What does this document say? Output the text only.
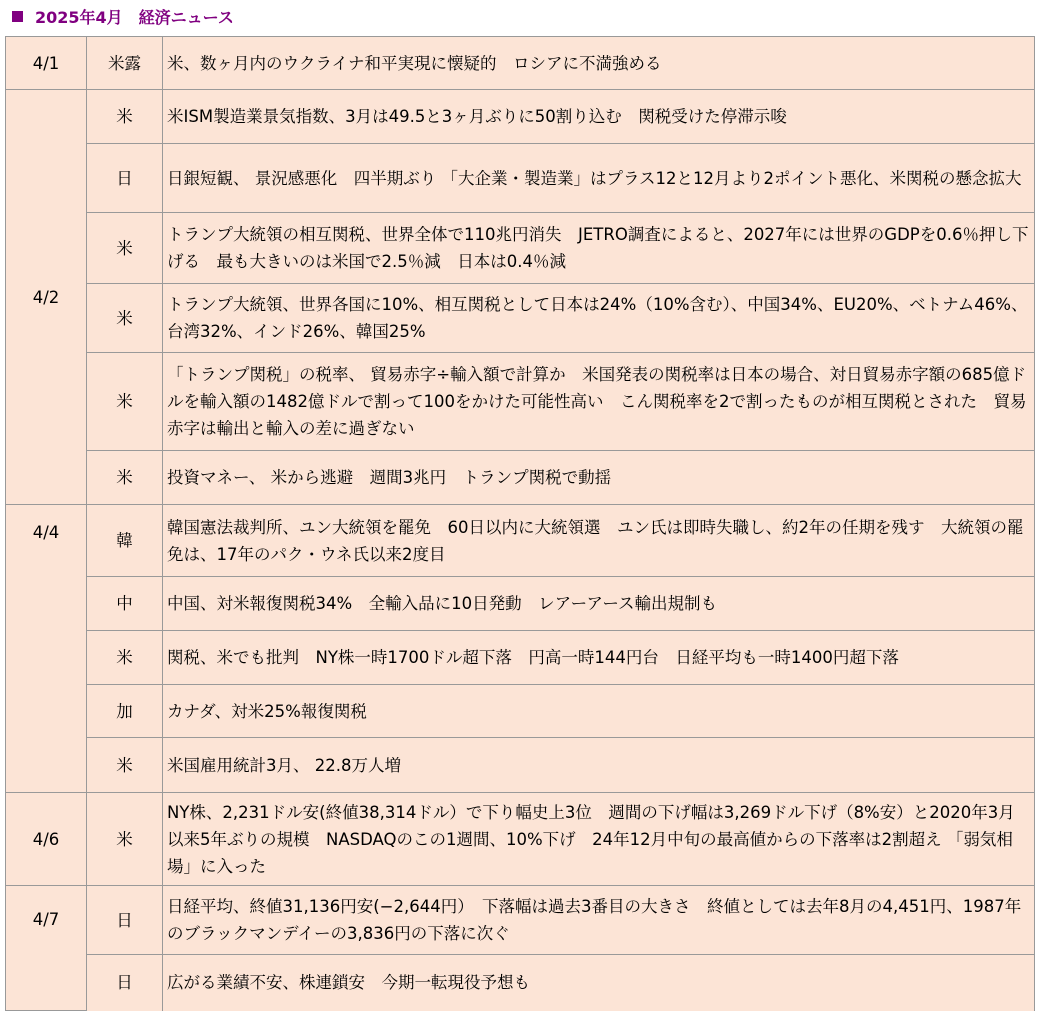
2025年4月　経済ニュース
4/1	米露	米、数ヶ月内のウクライナ和平実現に懐疑的　ロシアに不満強める
4/2	米	米ISM製造業景気指数、3月は49.5と3ヶ月ぶりに50割り込む　関税受けた停滞示唆
	日	日銀短観、 景況感悪化　四半期ぶり 「大企業・製造業」はプラス12と12月より2ポイント悪化、米関税の懸念拡大
	米	トランプ大統領の相互関税、世界全体で110兆円消失　JETRO調査によると、2027年には世界のGDPを0.6％押し下げる　最も大きいのは米国で2.5％減　日本は0.4％減
	米	トランプ大統領、世界各国に10%、相互関税として日本は24%（10%含む）、中国34%、EU20%、ベトナム46%、台湾32%、インド26%、韓国25%
	米	「トランプ関税」の税率、 貿易赤字÷輸入額で計算か　米国発表の関税率は日本の場合、対日貿易赤字額の685億ドルを輸入額の1482億ドルで割って100をかけた可能性高い　こん関税率を2で割ったものが相互関税とされた　貿易赤字は輸出と輸入の差に過ぎない
	米	投資マネー、 米から逃避　週間3兆円　トランプ関税で動揺
4/4	韓	韓国憲法裁判所、ユン大統領を罷免　60日以内に大統領選　ユン氏は即時失職し、約2年の任期を残す　大統領の罷免は、17年のパク・ウネ氏以来2度目
	中	中国、対米報復関税34%　全輸入品に10日発動　レアーアース輸出規制も
	米	関税、米でも批判　NY株一時1700ドル超下落　円高一時144円台　日経平均も一時1400円超下落
	加	カナダ、対米25%報復関税
	米	米国雇用統計3月、 22.8万人増
4/6	米	NY株、2,231ドル安(終値38,314ドル）で下り幅史上3位　週間の下げ幅は3,269ドル下げ（8%安）と2020年3月以来5年ぶりの規模　NASDAQのこの1週間、10%下げ　24年12月中旬の最高値からの下落率は2割超え 「弱気相場」に入った
4/7	日	日経平均、終値31,136円安(−2,644円）　下落幅は過去3番目の大きさ　終値としては去年8月の4,451円、1987年のブラックマンデイーの3,836円の下落に次ぐ
	日	広がる業績不安、株連鎖安　今期一転現役予想も
